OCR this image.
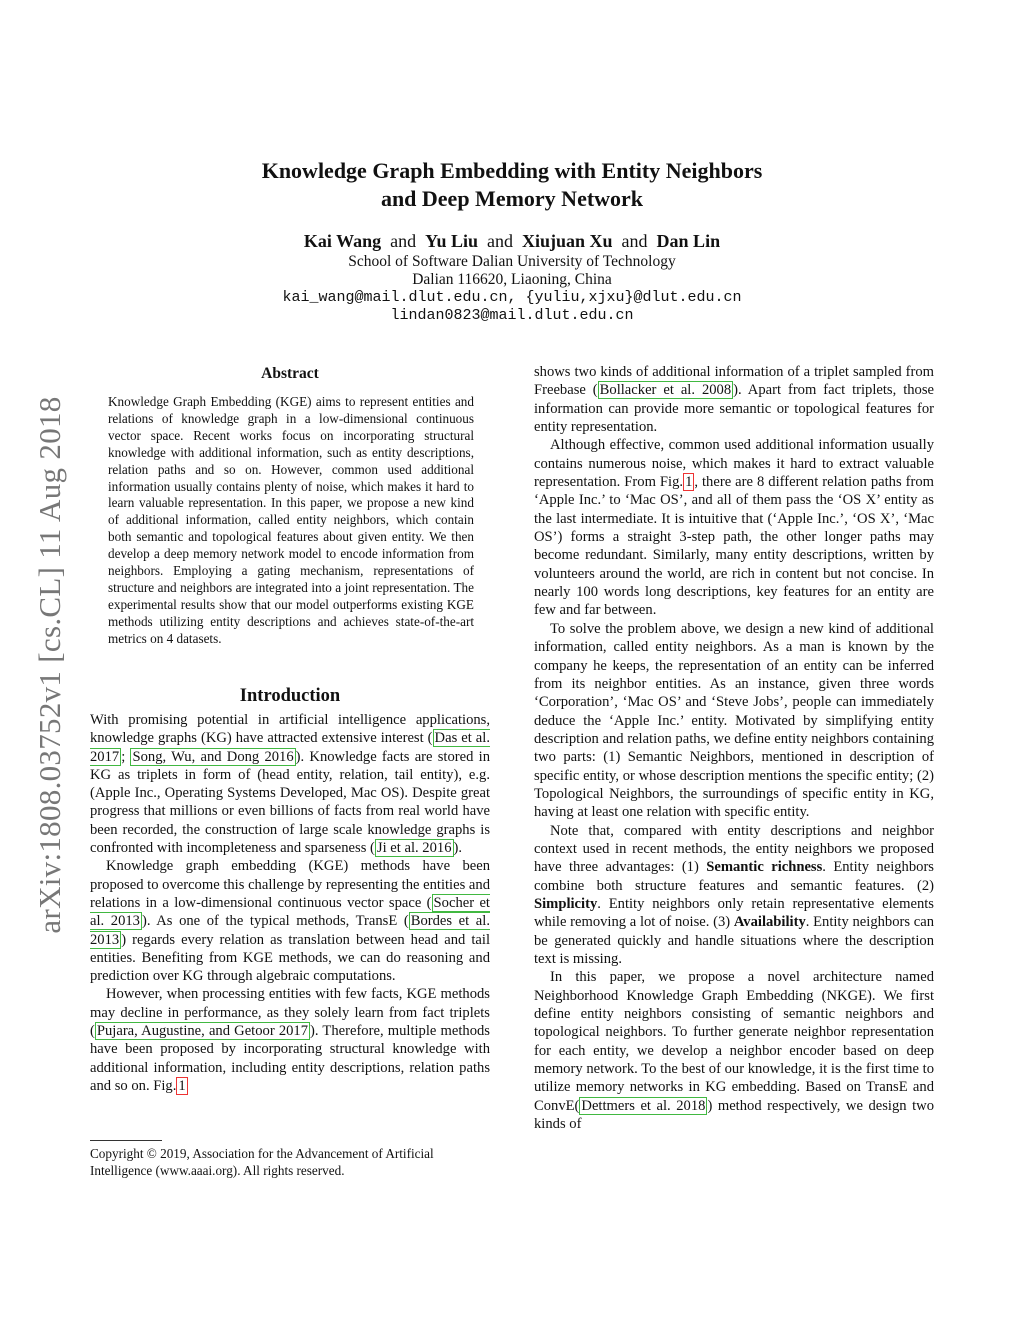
arXiv:1808.03752v1 [cs.CL] 11 Aug 2018
Knowledge Graph Embedding with Entity Neighbors
and Deep Memory Network
Kai Wang and Yu Liu and Xiujuan Xu and Dan Lin
School of Software Dalian University of Technology
Dalian 116620, Liaoning, China
kai_wang@mail.dlut.edu.cn, {yuliu,xjxu}@dlut.edu.cn
lindan0823@mail.dlut.edu.cn
Abstract
Knowledge Graph Embedding (KGE) aims to represent entities and relations of knowledge graph in a low-dimensional continuous vector space. Recent works focus on incorporating structural knowledge with additional information, such as entity descriptions, relation paths and so on. However, common used additional information usually contains plenty of noise, which makes it hard to learn valuable representation. In this paper, we propose a new kind of additional information, called entity neighbors, which contain both semantic and topological features about given entity. We then develop a deep memory network model to encode information from neighbors. Employing a gating mechanism, representations of structure and neighbors are integrated into a joint representation. The experimental results show that our model outperforms existing KGE methods utilizing entity descriptions and achieves state-of-the-art metrics on 4 datasets.
Introduction

With promising potential in artificial intelligence applications, knowledge graphs (KG) have attracted extensive interest ( Das et al. 2017 ; Song, Wu, and Dong 2016 ). Knowledge facts are stored in KG as triplets in form of (head entity, relation, tail entity), e.g. (Apple Inc., Operating Systems Developed, Mac OS). Despite great progress that millions or even billions of facts from real world have been recorded, the construction of large scale knowledge graphs is confronted with incompleteness and sparseness ( Ji et al. 2016 ).

Knowledge graph embedding (KGE) methods have been proposed to overcome this challenge by representing the entities and relations in a low-dimensional continuous vector space ( Socher et al. 2013 ). As one of the typical methods, TransE ( Bordes et al. 2013 ) regards every relation as translation between head and tail entities. Benefiting from KGE methods, we can do reasoning and prediction over KG through algebraic computations.

However, when processing entities with few facts, KGE methods may decline in performance, as they solely learn from fact triplets ( Pujara, Augustine, and Getoor 2017 ). Therefore, multiple methods have been proposed by incorporating structural knowledge with additional information, including entity descriptions, relation paths and so on. Fig. 1

Copyright © 2019, Association for the Advancement of Artificial Intelligence (www.aaai.org). All rights reserved.

shows two kinds of additional information of a triplet sampled from Freebase ( Bollacker et al. 2008 ). Apart from fact triplets, those information can provide more semantic or topological features for entity representation.

Although effective, common used additional information usually contains numerous noise, which makes it hard to extract valuable representation. From Fig. 1 , there are 8 different relation paths from ‘Apple Inc.’ to ‘Mac OS’, and all of them pass the ‘OS X’ entity as the last intermediate. It is intuitive that (‘Apple Inc.’, ‘OS X’, ‘Mac OS’) forms a straight 3-step path, the other longer paths may become redundant. Similarly, many entity descriptions, written by volunteers around the world, are rich in content but not concise. In nearly 100 words long descriptions, key features for an entity are few and far between.

To solve the problem above, we design a new kind of additional information, called entity neighbors. As a man is known by the company he keeps, the representation of an entity can be inferred from its neighbor entities. As an instance, given three words ‘Corporation’, ‘Mac OS’ and ‘Steve Jobs’, people can immediately deduce the ‘Apple Inc.’ entity. Motivated by simplifying entity description and relation paths, we define entity neighbors containing two parts: (1) Semantic Neighbors, mentioned in description of specific entity, or whose description mentions the specific entity; (2) Topological Neighbors, the surroundings of specific entity in KG, having at least one relation with specific entity.

Note that, compared with entity descriptions and neighbor context used in recent methods, the entity neighbors we proposed have three advantages: (1) Semantic richness. Entity neighbors combine both structure features and semantic features. (2) Simplicity. Entity neighbors only retain representative elements while removing a lot of noise. (3) Availability. Entity neighbors can be generated quickly and handle situations where the description text is missing.

In this paper, we propose a novel architecture named Neighborhood Knowledge Graph Embedding (NKGE). We first define entity neighbors consisting of semantic neighbors and topological neighbors. To further generate neighbor representation for each entity, we develop a neighbor encoder based on deep memory network. To the best of our knowledge, it is the first time to utilize memory networks in KG embedding. Based on TransE and ConvE( Dettmers et al. 2018 ) method respectively, we design two kinds of
